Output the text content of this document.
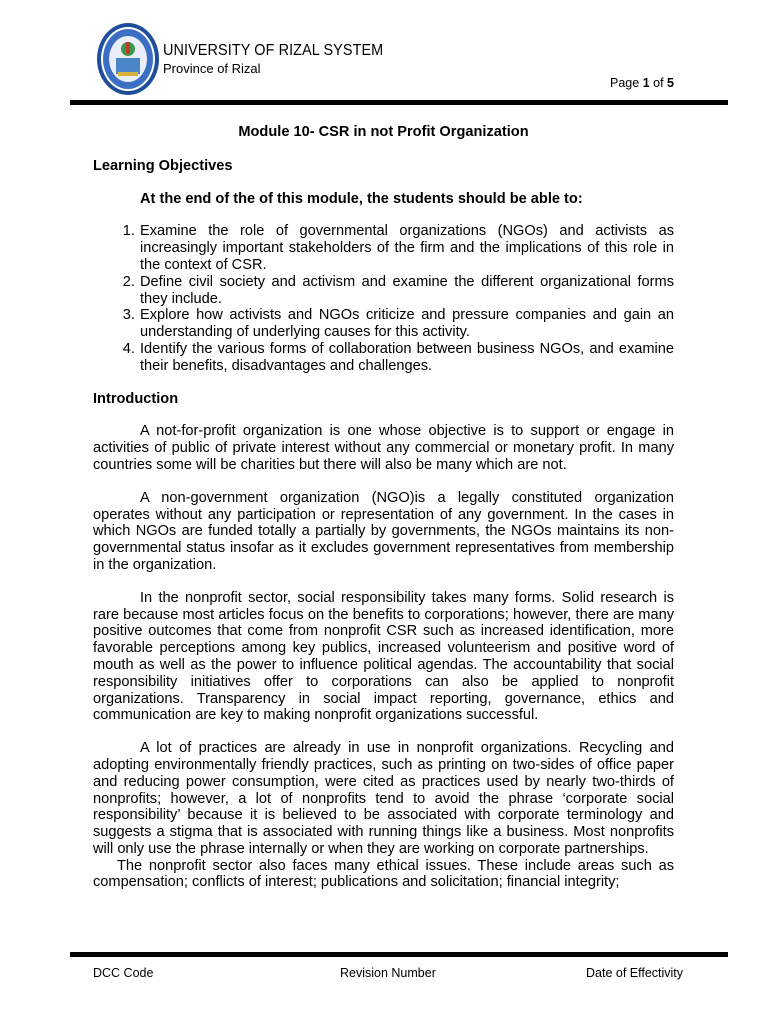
UNIVERSITY OF RIZAL SYSTEM
Province of Rizal
Page 1 of 5
Module 10- CSR in not Profit Organization
Learning Objectives
At the end of the of this module, the students should be able to:
1. Examine the role of governmental organizations (NGOs) and activists as increasingly important stakeholders of the firm and the implications of this role in the context of CSR.
2. Define civil society and activism and examine the different organizational forms they include.
3. Explore how activists and NGOs criticize and pressure companies and gain an understanding of underlying causes for this activity.
4. Identify the various forms of collaboration between business NGOs, and examine their benefits, disadvantages and challenges.
Introduction

A not-for-profit organization is one whose objective is to support or engage in activities of public of private interest without any commercial or monetary profit. In many countries some will be charities but there will also be many which are not.

A non-government organization (NGO)is a legally constituted organization operates without any participation or representation of any government. In the cases in which NGOs are funded totally a partially by governments, the NGOs maintains its non- governmental status insofar as it excludes government representatives from membership in the organization.

In the nonprofit sector, social responsibility takes many forms. Solid research is rare because most articles focus on the benefits to corporations; however, there are many positive outcomes that come from nonprofit CSR such as increased identification, more favorable perceptions among key publics, increased volunteerism and positive word of mouth as well as the power to influence political agendas. The accountability that social responsibility initiatives offer to corporations can also be applied to nonprofit organizations. Transparency in social impact reporting, governance, ethics and communication are key to making nonprofit organizations successful.

A lot of practices are already in use in nonprofit organizations. Recycling and adopting environmentally friendly practices, such as printing on two-sides of office paper and reducing power consumption, were cited as practices used by nearly two-thirds of nonprofits; however, a lot of nonprofits tend to avoid the phrase ‘corporate social responsibility’ because it is believed to be associated with corporate terminology and suggests a stigma that is associated with running things like a business. Most nonprofits will only use the phrase internally or when they are working on corporate partnerships.

The nonprofit sector also faces many ethical issues. These include areas such as compensation; conflicts of interest; publications and solicitation; financial integrity;

DCC Code	Revision Number	Date of Effectivity
